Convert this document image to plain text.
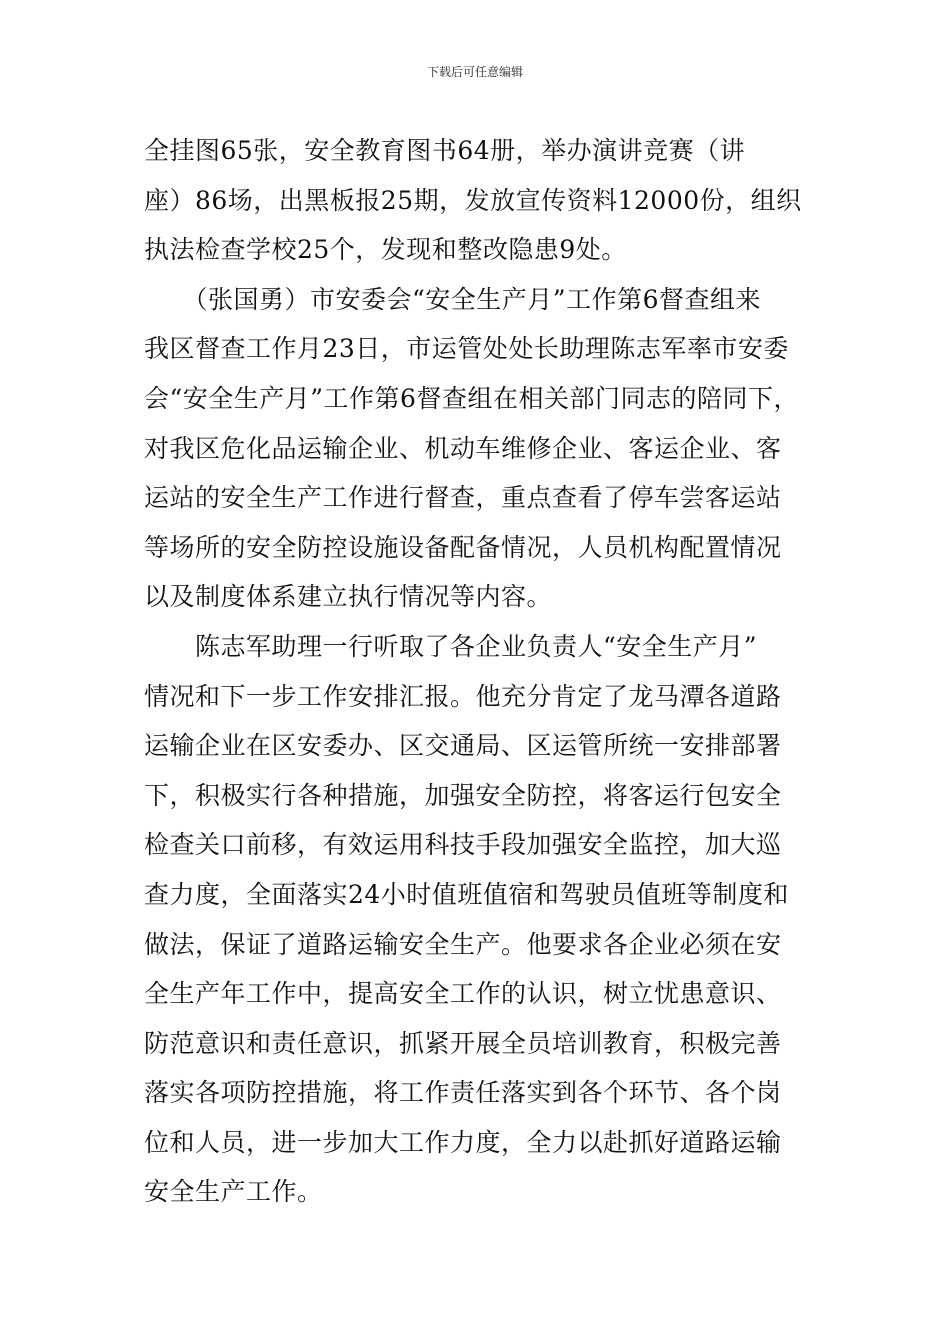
下载后可任意编辑
全挂图65张，安全教育图书64册，举办演讲竞赛（讲
座）86场，出黑板报25期，发放宣传资料12000份，组织
执法检查学校25个，发现和整改隐患9处。
　　（张国勇）市安委会“安全生产月”工作第6督查组来
我区督查工作月23日，市运管处处长助理陈志军率市安委
会“安全生产月”工作第6督查组在相关部门同志的陪同下，
对我区危化品运输企业、机动车维修企业、客运企业、客
运站的安全生产工作进行督查，重点查看了停车尝客运站
等场所的安全防控设施设备配备情况，人员机构配置情况
以及制度体系建立执行情况等内容。
　　陈志军助理一行听取了各企业负责人“安全生产月”
情况和下一步工作安排汇报。他充分肯定了龙马潭各道路
运输企业在区安委办、区交通局、区运管所统一安排部署
下，积极实行各种措施，加强安全防控，将客运行包安全
检查关口前移，有效运用科技手段加强安全监控，加大巡
查力度，全面落实24小时值班值宿和驾驶员值班等制度和
做法，保证了道路运输安全生产。他要求各企业必须在安
全生产年工作中，提高安全工作的认识，树立忧患意识、
防范意识和责任意识，抓紧开展全员培训教育，积极完善
落实各项防控措施，将工作责任落实到各个环节、各个岗
位和人员，进一步加大工作力度，全力以赴抓好道路运输
安全生产工作。
